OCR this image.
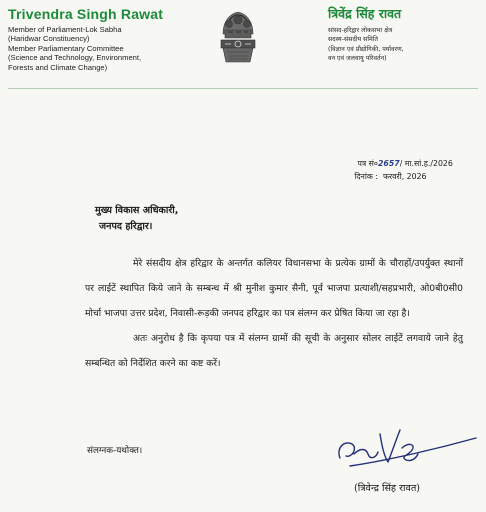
Trivendra Singh Rawat
Member of Parliament-Lok Sabha
(Haridwar Constituency)
Member Parliamentary Committee
(Science and Technology, Environment,
Forests and Climate Change)
त्रिवेंद्र सिंह रावत
सांसद-हरिद्वार लोकसभा क्षेत्र
सदस्य-संसदीय समिति
(विज्ञान एवं प्रौद्योगिकी, पर्यावरण,
वन एवं जलवायु परिवर्तन)
पत्र सं०2657/ मा.सां.ह./2026
दिनांक : फरवरी, 2026
मुख्य विकास अधिकारी,
जनपद हरिद्वार।

मेरे संसदीय क्षेत्र हरिद्वार के अन्तर्गत कलियर विधानसभा के प्रत्येक ग्रामों के चौराहों/उपर्युक्त स्थानों पर लाईटें स्थापित किये जाने के सम्बन्ध में श्री मुनीश कुमार सैनी, पूर्व भाजपा प्रत्याशी/सहप्रभारी, ओ0बी0सी0 मोर्चा भाजपा उत्तर प्रदेश, निवासी-रूड़की जनपद हरिद्वार का पत्र संलग्न कर प्रेषित किया जा रहा है।

अतः अनुरोध है कि कृपया पत्र में संलग्न ग्रामों की सूची के अनुसार सोलर लाईटें लगवाये जाने हेतु सम्बन्धित को निर्देशित करने का कष्ट करें।

संलग्नक-यथोक्त।
(त्रिवेन्द्र सिंह रावत)
